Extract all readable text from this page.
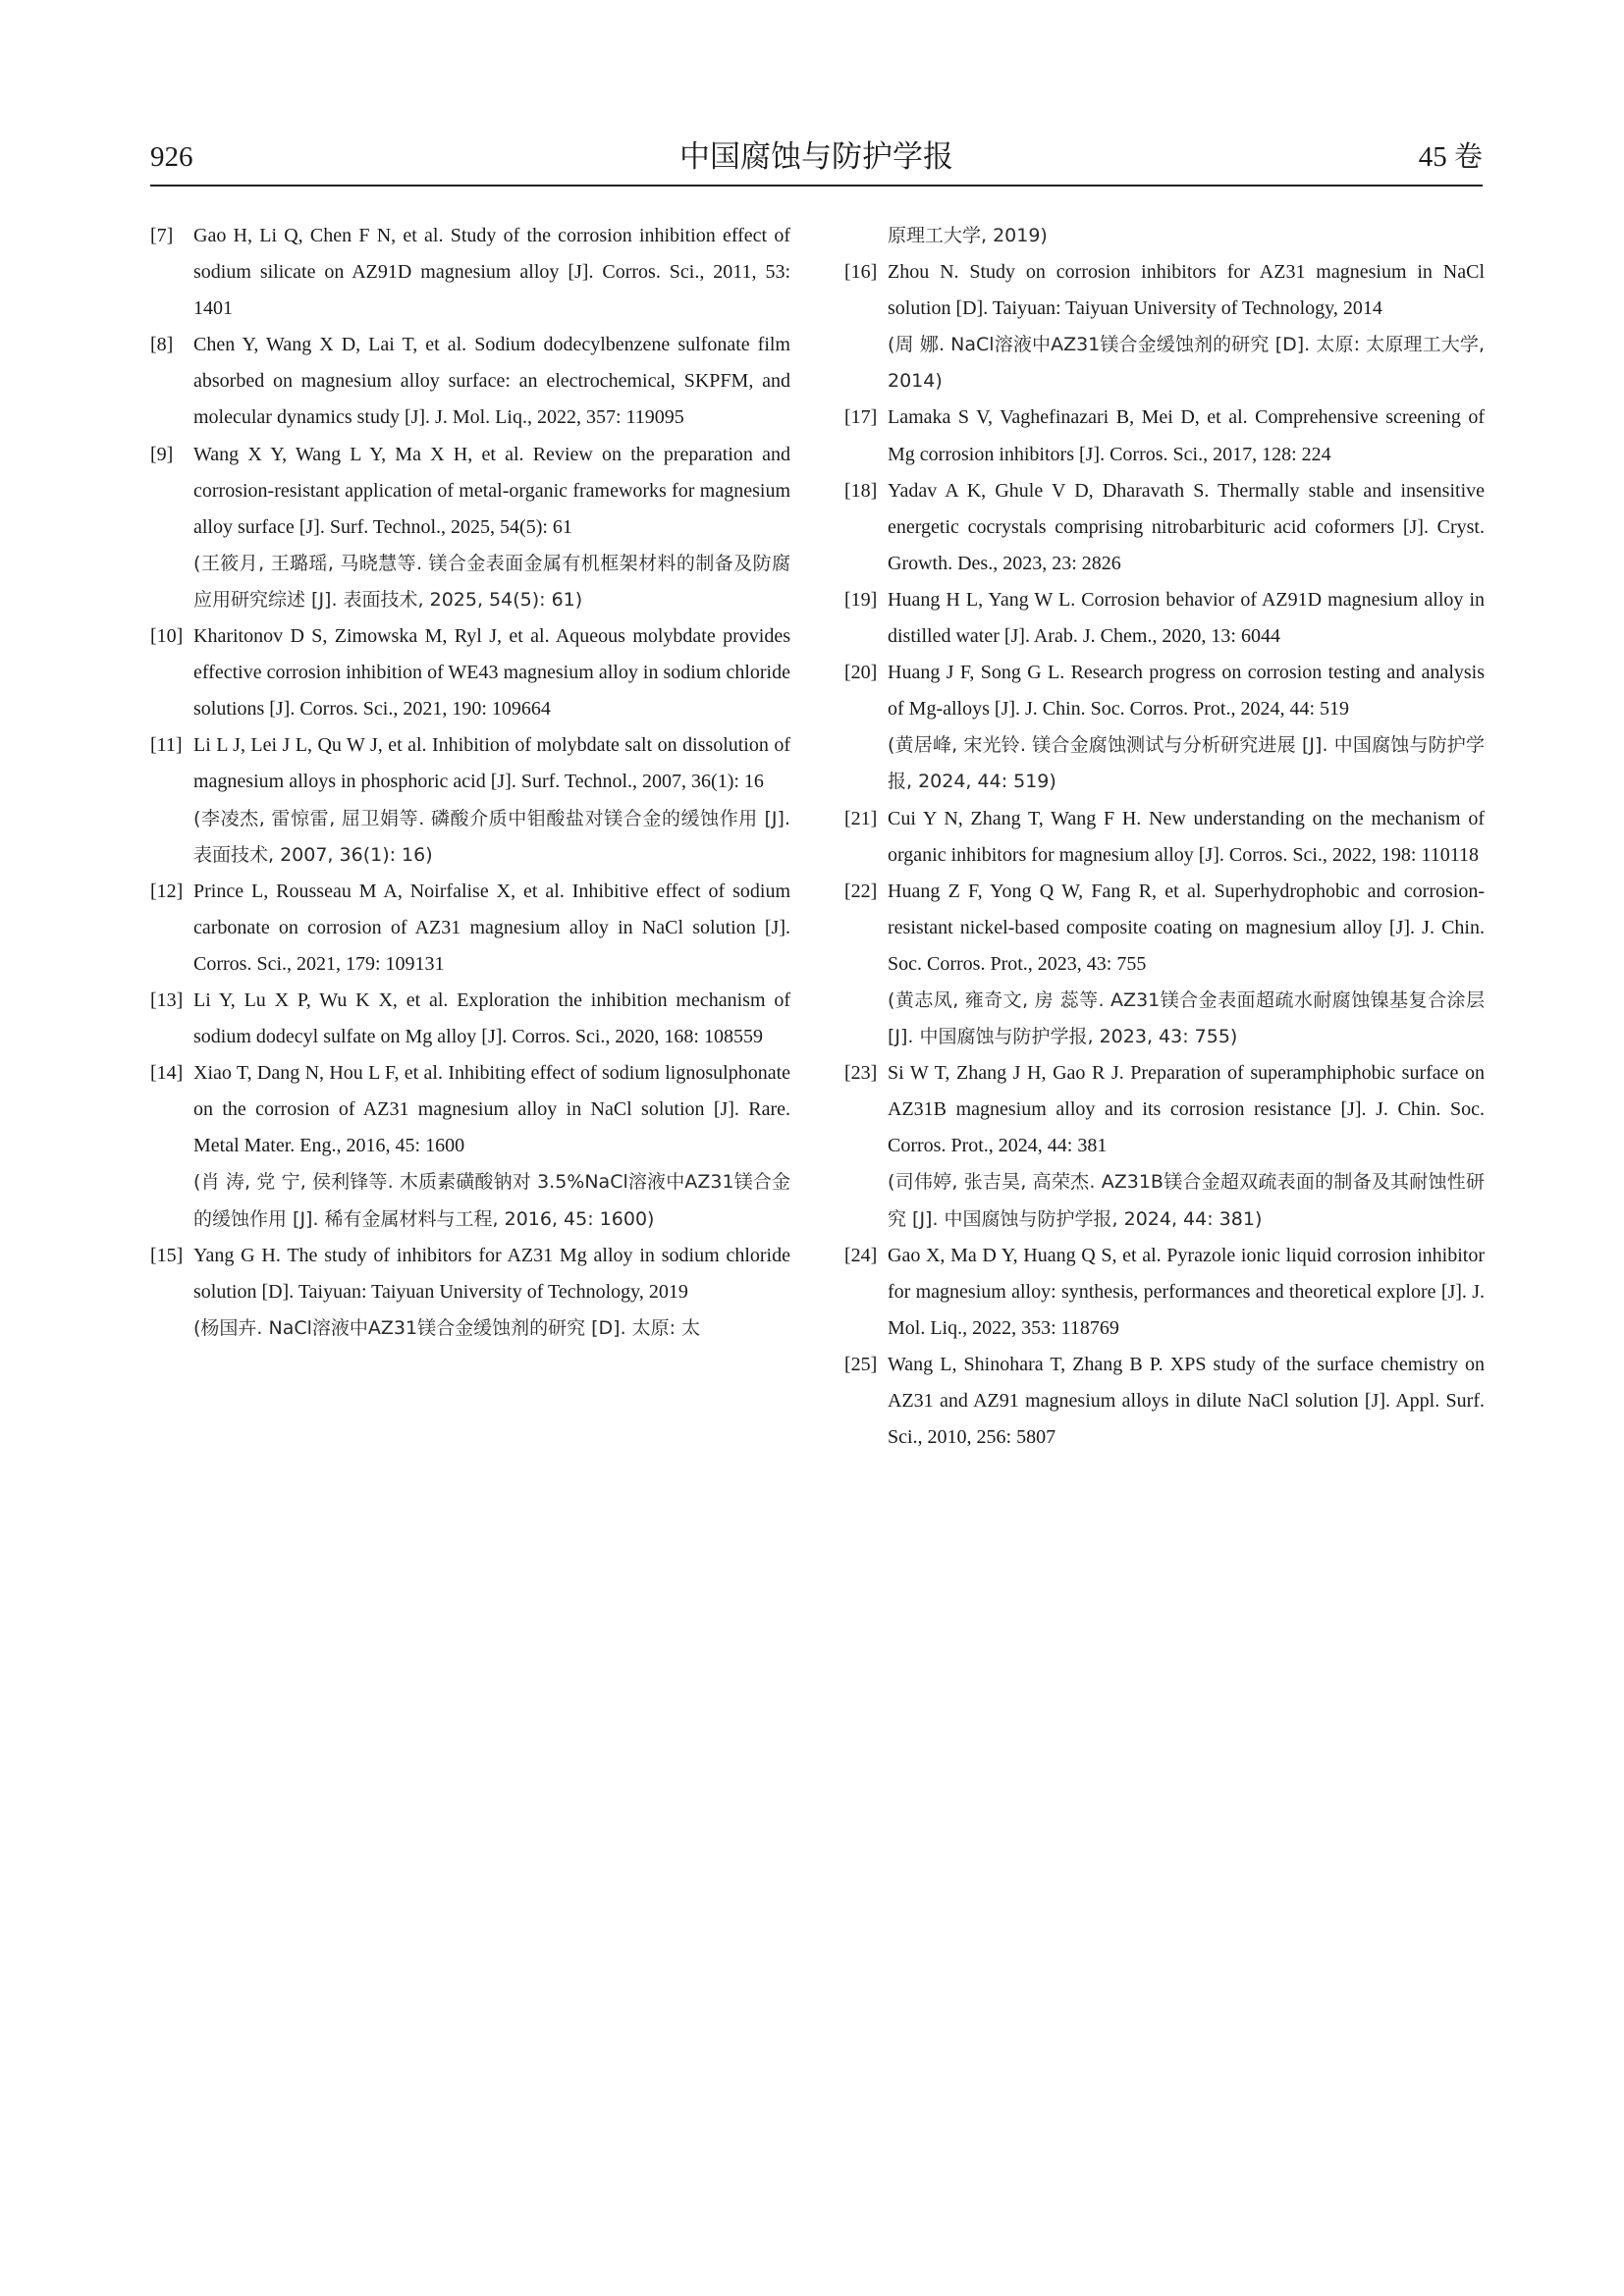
926	中国腐蚀与防护学报	45 卷
[7] Gao H, Li Q, Chen F N, et al. Study of the corrosion inhibition effect of sodium silicate on AZ91D magnesium alloy [J]. Corros. Sci., 2011, 53: 1401
[8] Chen Y, Wang X D, Lai T, et al. Sodium dodecylbenzene sulfonate film absorbed on magnesium alloy surface: an electrochemical, SKPFM, and molecular dynamics study [J]. J. Mol. Liq., 2022, 357: 119095
[9] Wang X Y, Wang L Y, Ma X H, et al. Review on the preparation and corrosion-resistant application of metal-organic frameworks for magnesium alloy surface [J]. Surf. Technol., 2025, 54(5): 61
(王筱月, 王璐瑶, 马晓慧等. 镁合金表面金属有机框架材料的制备及防腐应用研究综述 [J]. 表面技术, 2025, 54(5): 61)
[10] Kharitonov D S, Zimowska M, Ryl J, et al. Aqueous molybdate provides effective corrosion inhibition of WE43 magnesium alloy in sodium chloride solutions [J]. Corros. Sci., 2021, 190: 109664
[11] Li L J, Lei J L, Qu W J, et al. Inhibition of molybdate salt on dissolution of magnesium alloys in phosphoric acid [J]. Surf. Technol., 2007, 36(1): 16
(李凌杰, 雷惊雷, 屈卫娟等. 磷酸介质中钼酸盐对镁合金的缓蚀作用 [J]. 表面技术, 2007, 36(1): 16)
[12] Prince L, Rousseau M A, Noirfalise X, et al. Inhibitive effect of sodium carbonate on corrosion of AZ31 magnesium alloy in NaCl solution [J]. Corros. Sci., 2021, 179: 109131
[13] Li Y, Lu X P, Wu K X, et al. Exploration the inhibition mechanism of sodium dodecyl sulfate on Mg alloy [J]. Corros. Sci., 2020, 168: 108559
[14] Xiao T, Dang N, Hou L F, et al. Inhibiting effect of sodium lignosulphonate on the corrosion of AZ31 magnesium alloy in NaCl solution [J]. Rare. Metal Mater. Eng., 2016, 45: 1600
(肖 涛, 党 宁, 侯利锋等. 木质素磺酸钠对 3.5%NaCl溶液中AZ31镁合金的缓蚀作用 [J]. 稀有金属材料与工程, 2016, 45: 1600)
[15] Yang G H. The study of inhibitors for AZ31 Mg alloy in sodium chloride solution [D]. Taiyuan: Taiyuan University of Technology, 2019
(杨国卉. NaCl溶液中AZ31镁合金缓蚀剂的研究 [D]. 太原: 太
原理工大学, 2019)
[16] Zhou N. Study on corrosion inhibitors for AZ31 magnesium in NaCl solution [D]. Taiyuan: Taiyuan University of Technology, 2014
(周 娜. NaCl溶液中AZ31镁合金缓蚀剂的研究 [D]. 太原: 太原理工大学, 2014)
[17] Lamaka S V, Vaghefinazari B, Mei D, et al. Comprehensive screening of Mg corrosion inhibitors [J]. Corros. Sci., 2017, 128: 224
[18] Yadav A K, Ghule V D, Dharavath S. Thermally stable and insensitive energetic cocrystals comprising nitrobarbituric acid coformers [J]. Cryst. Growth. Des., 2023, 23: 2826
[19] Huang H L, Yang W L. Corrosion behavior of AZ91D magnesium alloy in distilled water [J]. Arab. J. Chem., 2020, 13: 6044
[20] Huang J F, Song G L. Research progress on corrosion testing and analysis of Mg-alloys [J]. J. Chin. Soc. Corros. Prot., 2024, 44: 519
(黄居峰, 宋光铃. 镁合金腐蚀测试与分析研究进展 [J]. 中国腐蚀与防护学报, 2024, 44: 519)
[21] Cui Y N, Zhang T, Wang F H. New understanding on the mechanism of organic inhibitors for magnesium alloy [J]. Corros. Sci., 2022, 198: 110118
[22] Huang Z F, Yong Q W, Fang R, et al. Superhydrophobic and corrosion-resistant nickel-based composite coating on magnesium alloy [J]. J. Chin. Soc. Corros. Prot., 2023, 43: 755
(黄志凤, 雍奇文, 房 蕊等. AZ31镁合金表面超疏水耐腐蚀镍基复合涂层 [J]. 中国腐蚀与防护学报, 2023, 43: 755)
[23] Si W T, Zhang J H, Gao R J. Preparation of superamphiphobic surface on AZ31B magnesium alloy and its corrosion resistance [J]. J. Chin. Soc. Corros. Prot., 2024, 44: 381
(司伟婷, 张吉昊, 高荣杰. AZ31B镁合金超双疏表面的制备及其耐蚀性研究 [J]. 中国腐蚀与防护学报, 2024, 44: 381)
[24] Gao X, Ma D Y, Huang Q S, et al. Pyrazole ionic liquid corrosion inhibitor for magnesium alloy: synthesis, performances and theoretical explore [J]. J. Mol. Liq., 2022, 353: 118769
[25] Wang L, Shinohara T, Zhang B P. XPS study of the surface chemistry on AZ31 and AZ91 magnesium alloys in dilute NaCl solution [J]. Appl. Surf. Sci., 2010, 256: 5807
